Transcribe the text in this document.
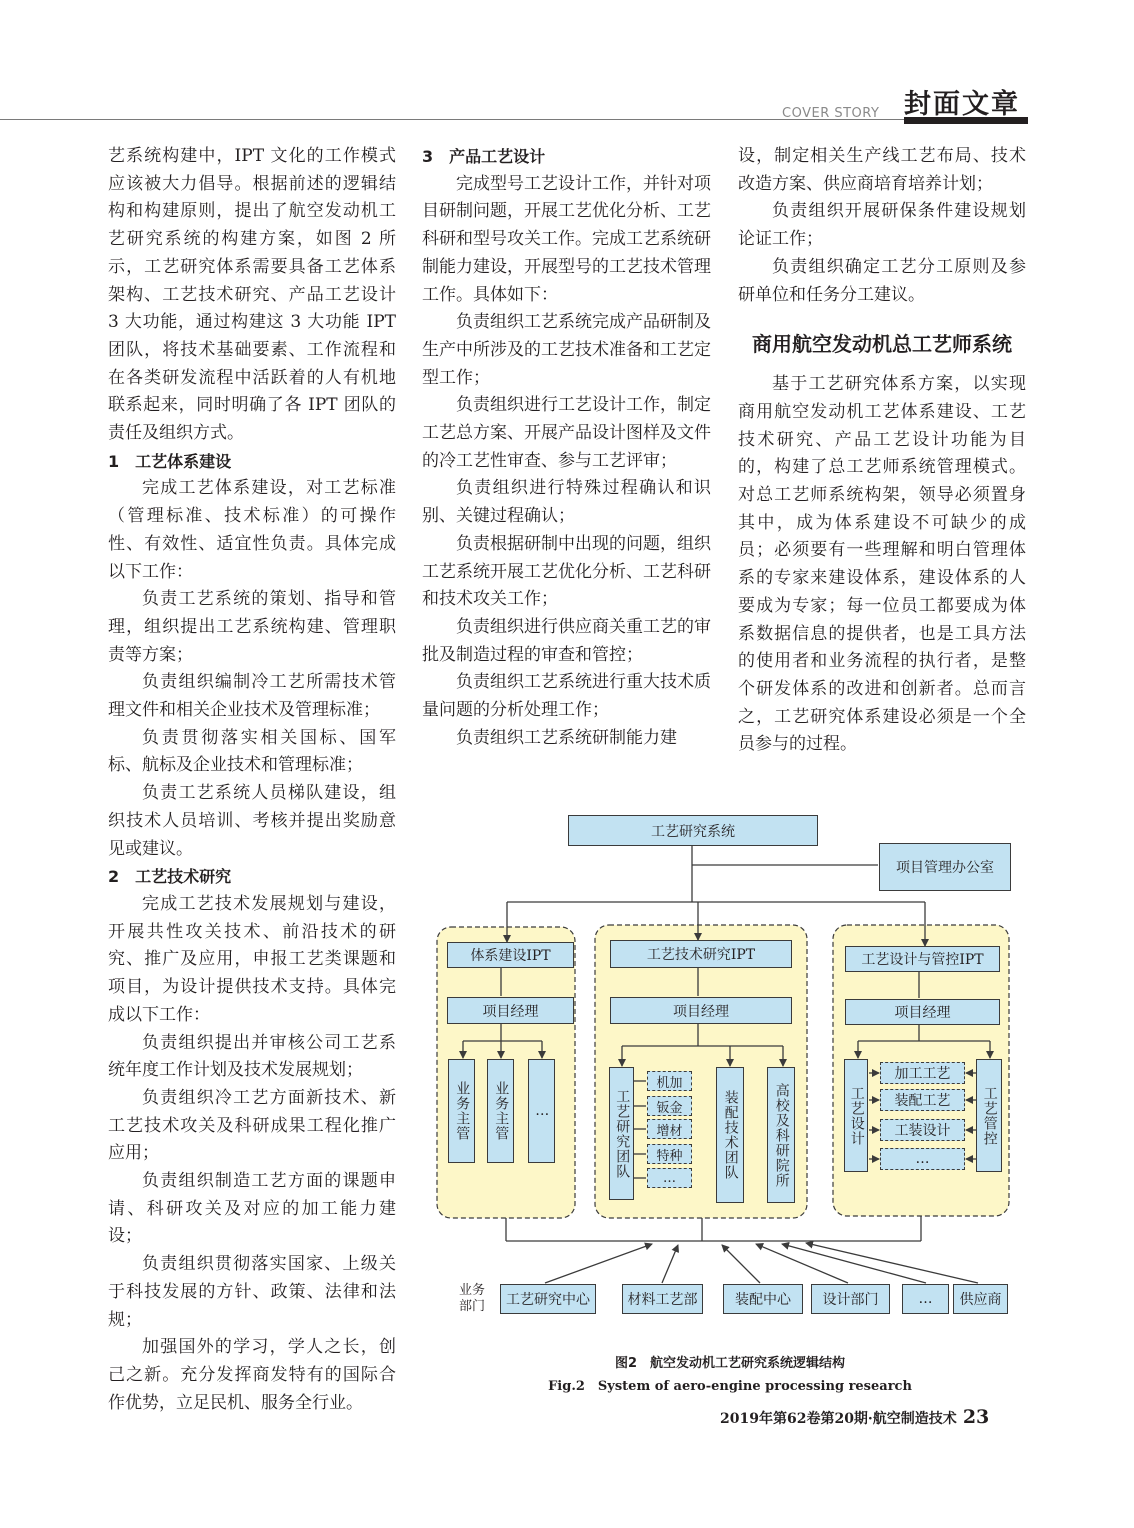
COVER STORY 封面文章

艺系统构建中，IPT 文化的工作模式应该被大力倡导。根据前述的逻辑结构和构建原则，提出了航空发动机工艺研究系统的构建方案，如图 2 所示，工艺研究体系需要具备工艺体系架构、工艺技术研究、产品工艺设计 3 大功能，通过构建这 3 大功能 IPT 团队，将技术基础要素、工作流程和在各类研发流程中活跃着的人有机地联系起来，同时明确了各 IPT 团队的责任及组织方式。

1　工艺体系建设

完成工艺体系建设，对工艺标准（管理标准、技术标准）的可操作性、有效性、适宜性负责。具体完成以下工作：

负责工艺系统的策划、指导和管理，组织提出工艺系统构建、管理职责等方案；

负责组织编制冷工艺所需技术管理文件和相关企业技术及管理标准；

负责贯彻落实相关国标、国军标、航标及企业技术和管理标准；

负责工艺系统人员梯队建设，组织技术人员培训、考核并提出奖励意见或建议。

2　工艺技术研究

完成工艺技术发展规划与建设，开展共性攻关技术、前沿技术的研究、推广及应用，申报工艺类课题和项目，为设计提供技术支持。具体完成以下工作：

负责组织提出并审核公司工艺系统年度工作计划及技术发展规划；

负责组织冷工艺方面新技术、新工艺技术攻关及科研成果工程化推广应用；

负责组织制造工艺方面的课题申请、科研攻关及对应的加工能力建设；

负责组织贯彻落实国家、上级关于科技发展的方针、政策、法律和法规；

加强国外的学习，学人之长，创己之新。充分发挥商发特有的国际合作优势，立足民机、服务全行业。

3　产品工艺设计

完成型号工艺设计工作，并针对项目研制问题，开展工艺优化分析、工艺科研和型号攻关工作。完成工艺系统研制能力建设，开展型号的工艺技术管理工作。具体如下：

负责组织工艺系统完成产品研制及生产中所涉及的工艺技术准备和工艺定型工作；

负责组织进行工艺设计工作，制定工艺总方案、开展产品设计图样及文件的冷工艺性审查、参与工艺评审；

负责组织进行特殊过程确认和识别、关键过程确认；

负责根据研制中出现的问题，组织工艺系统开展工艺优化分析、工艺科研和技术攻关工作；

负责组织进行供应商关重工艺的审批及制造过程的审查和管控；

负责组织工艺系统进行重大技术质量问题的分析处理工作；

负责组织工艺系统研制能力建

设，制定相关生产线工艺布局、技术改造方案、供应商培育培养计划；

负责组织开展研保条件建设规划论证工作；

负责组织确定工艺分工原则及参研单位和任务分工建议。

商用航空发动机总工艺师系统

基于工艺研究体系方案，以实现商用航空发动机工艺体系建设、工艺技术研究、产品工艺设计功能为目的，构建了总工艺师系统管理模式。对总工艺师系统构架，领导必须置身其中，成为体系建设不可缺少的成员；必须要有一些理解和明白管理体系的专家来建设体系，建设体系的人要成为专家；每一位员工都要成为体系数据信息的提供者，也是工具方法的使用者和业务流程的执行者，是整个研发体系的改进和创新者。总而言之，工艺研究体系建设必须是一个全员参与的过程。

工艺研究系统
项目管理办公室
体系建设IPT	工艺技术研究IPT	工艺设计与管控IPT
项目经理	项目经理	项目经理
业务主管 业务主管 …	工艺研究团队
机加
钣金
增材
特种
…	装配技术团队	高校及科研院所	工艺设计
加工工艺
装配工艺
工装设计
…
工艺管控
业务部门	工艺研究中心	材料工艺部	装配中心	设计部门	…	供应商
图2　航空发动机工艺研究系统逻辑结构
Fig.2　System of aero-engine processing research
2019年第62卷第20期·航空制造技术 23
